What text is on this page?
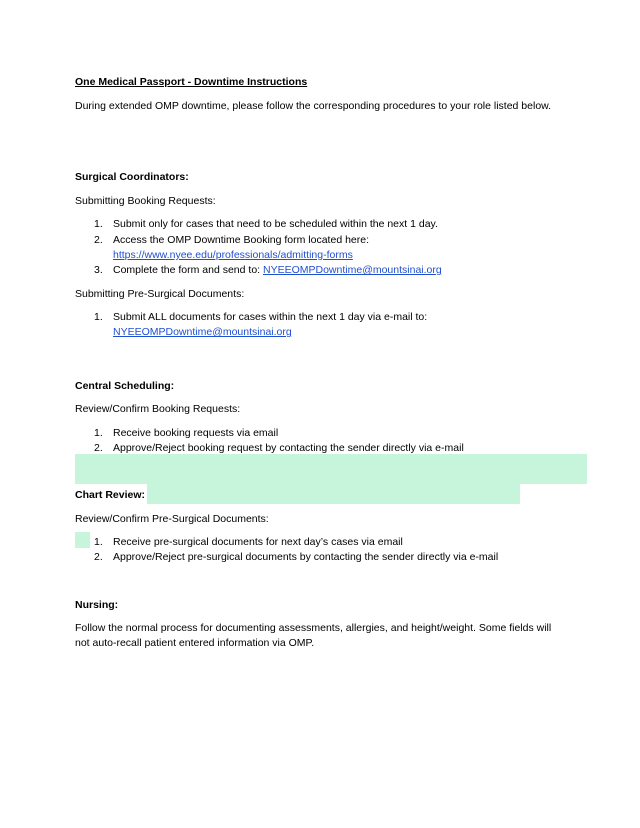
One Medical Passport - Downtime Instructions
During extended OMP downtime, please follow the corresponding procedures to your role listed below.
Surgical Coordinators:
Submitting Booking Requests:
1. Submit only for cases that need to be scheduled within the next 1 day.
2. Access the OMP Downtime Booking form located here:
https://www.nyee.edu/professionals/admitting-forms
3. Complete the form and send to: NYEEOMPDowntime@mountsinai.org
Submitting Pre-Surgical Documents:
1. Submit ALL documents for cases within the next 1 day via e-mail to:
NYEEOMPDowntime@mountsinai.org
Central Scheduling:
Review/Confirm Booking Requests:
1. Receive booking requests via email
2. Approve/Reject booking request by contacting the sender directly via e-mail
Chart Review:
Review/Confirm Pre-Surgical Documents:
1. Receive pre-surgical documents for next day’s cases via email
2. Approve/Reject pre-surgical documents by contacting the sender directly via e-mail
Nursing:
Follow the normal process for documenting assessments, allergies, and height/weight. Some fields will
not auto-recall patient entered information via OMP.
